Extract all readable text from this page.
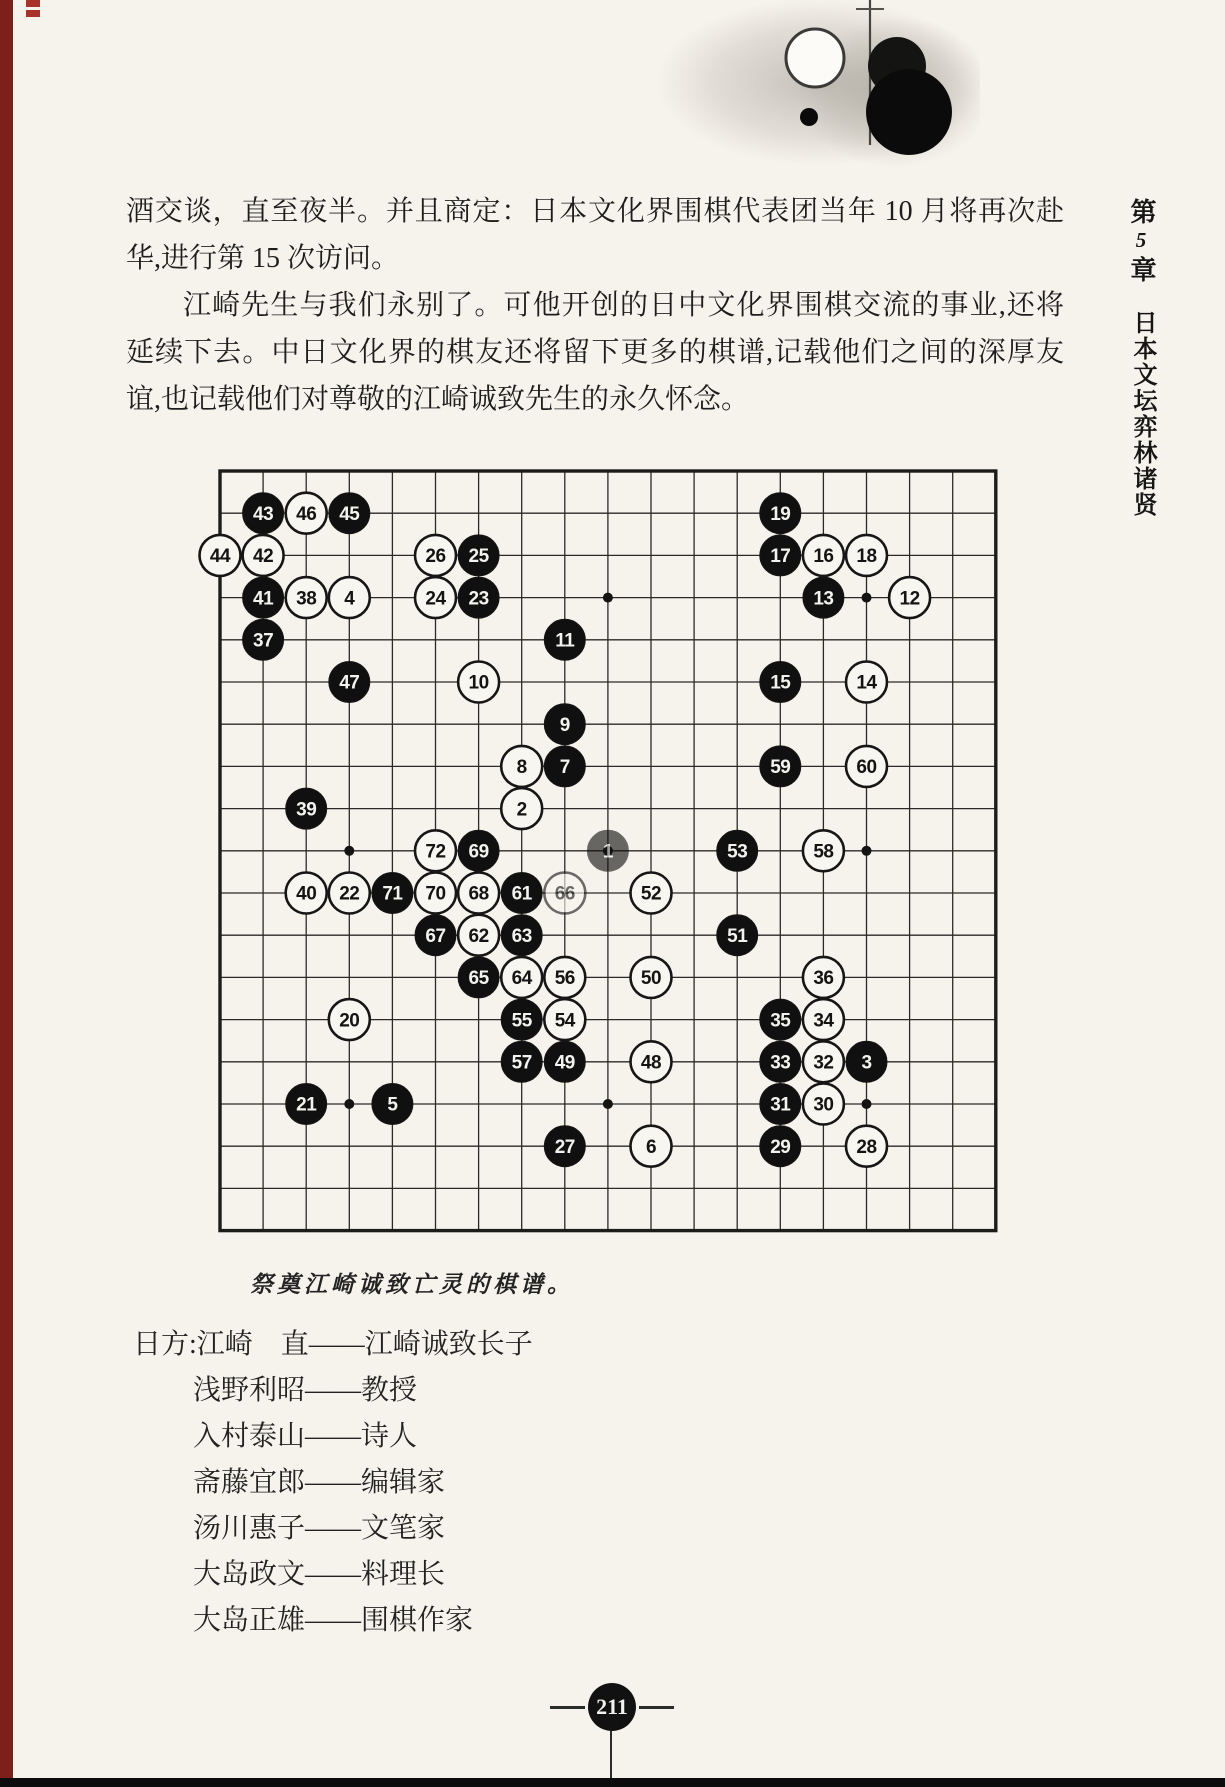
酒交谈，直至夜半。并且商定：日本文化界围棋代表团当年 10 月将再次赴
华,进行第 15 次访问。
江崎先生与我们永别了。可他开创的日中文化界围棋交流的事业,还将
延续下去。中日文化界的棋友还将留下更多的棋谱,记载他们之间的深厚友
谊,也记载他们对尊敬的江崎诚致先生的永久怀念。
第5章
日本文坛弈林诸贤
1
2
3
4
5
6
7
8
9
10
11
12
13
14
15
16
17	18
19
20
21
22
23
24
25
26
27	28
29
30
31
32
33
34
35
36
37
38
39
40
41
42
43
44
45
46
47
48
49
50
51
52
53
54
55
56
57
58
59	60
61
62 63
64
65
66
67
68
69
70
71
72
祭奠江崎诚致亡灵的棋谱。
日方:江崎　直——江崎诚致长子
浅野利昭——教授
入村泰山——诗人
斋藤宜郎——编辑家
汤川惠子——文笔家
大岛政文——料理长
大岛正雄——围棋作家
211
